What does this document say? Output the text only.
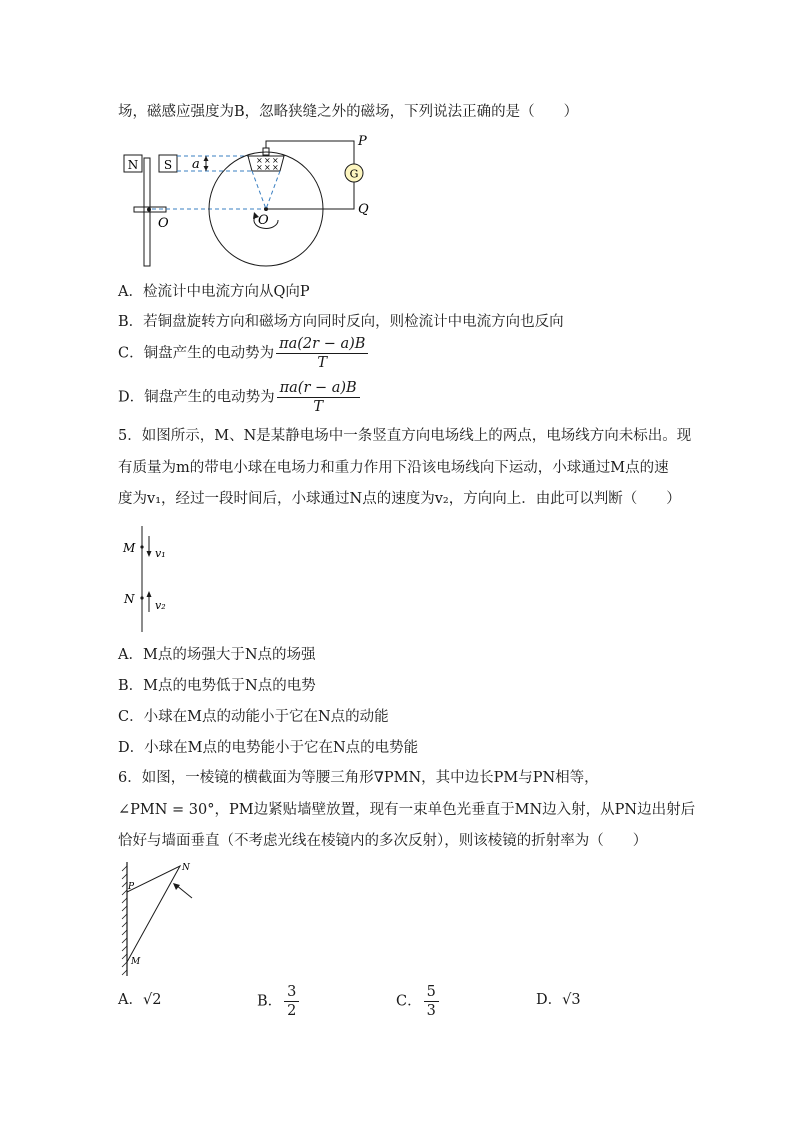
场，磁感应强度为B，忽略狭缝之外的磁场，下列说法正确的是（　　）
N S
O
a	× × ×
× × ×	G
P
Q
O
A．检流计中电流方向从Q向P
B．若铜盘旋转方向和磁场方向同时反向，则检流计中电流方向也反向
C．铜盘产生的电动势为 $\frac{\pi a(2r - a)B}{T}$
D．铜盘产生的电动势为 $\frac{\pi a(r - a)B}{T}$
5．如图所示，M、N是某静电场中一条竖直方向电场线上的两点，电场线方向未标出。现
有质量为m的带电小球在电场力和重力作用下沿该电场线向下运动，小球通过M点的速
度为v₁，经过一段时间后，小球通过N点的速度为v₂，方向向上．由此可以判断（　　）
M
N
v₁
v₂
A．M点的场强大于N点的场强
B．M点的电势低于N点的电势
C．小球在M点的动能小于它在N点的动能
D．小球在M点的电势能小于它在N点的电势能
6．如图，一棱镜的横截面为等腰三角形∇PMN，其中边长PM与PN相等，
∠PMN = 30°，PM边紧贴墙壁放置，现有一束单色光垂直于MN边入射，从PN边出射后
恰好与墙面垂直（不考虑光线在棱镜内的多次反射），则该棱镜的折射率为（　　）
P
N
M
A．√2	B． $\frac{3}{2}$	C． $\frac{5}{3}$	D．√3
